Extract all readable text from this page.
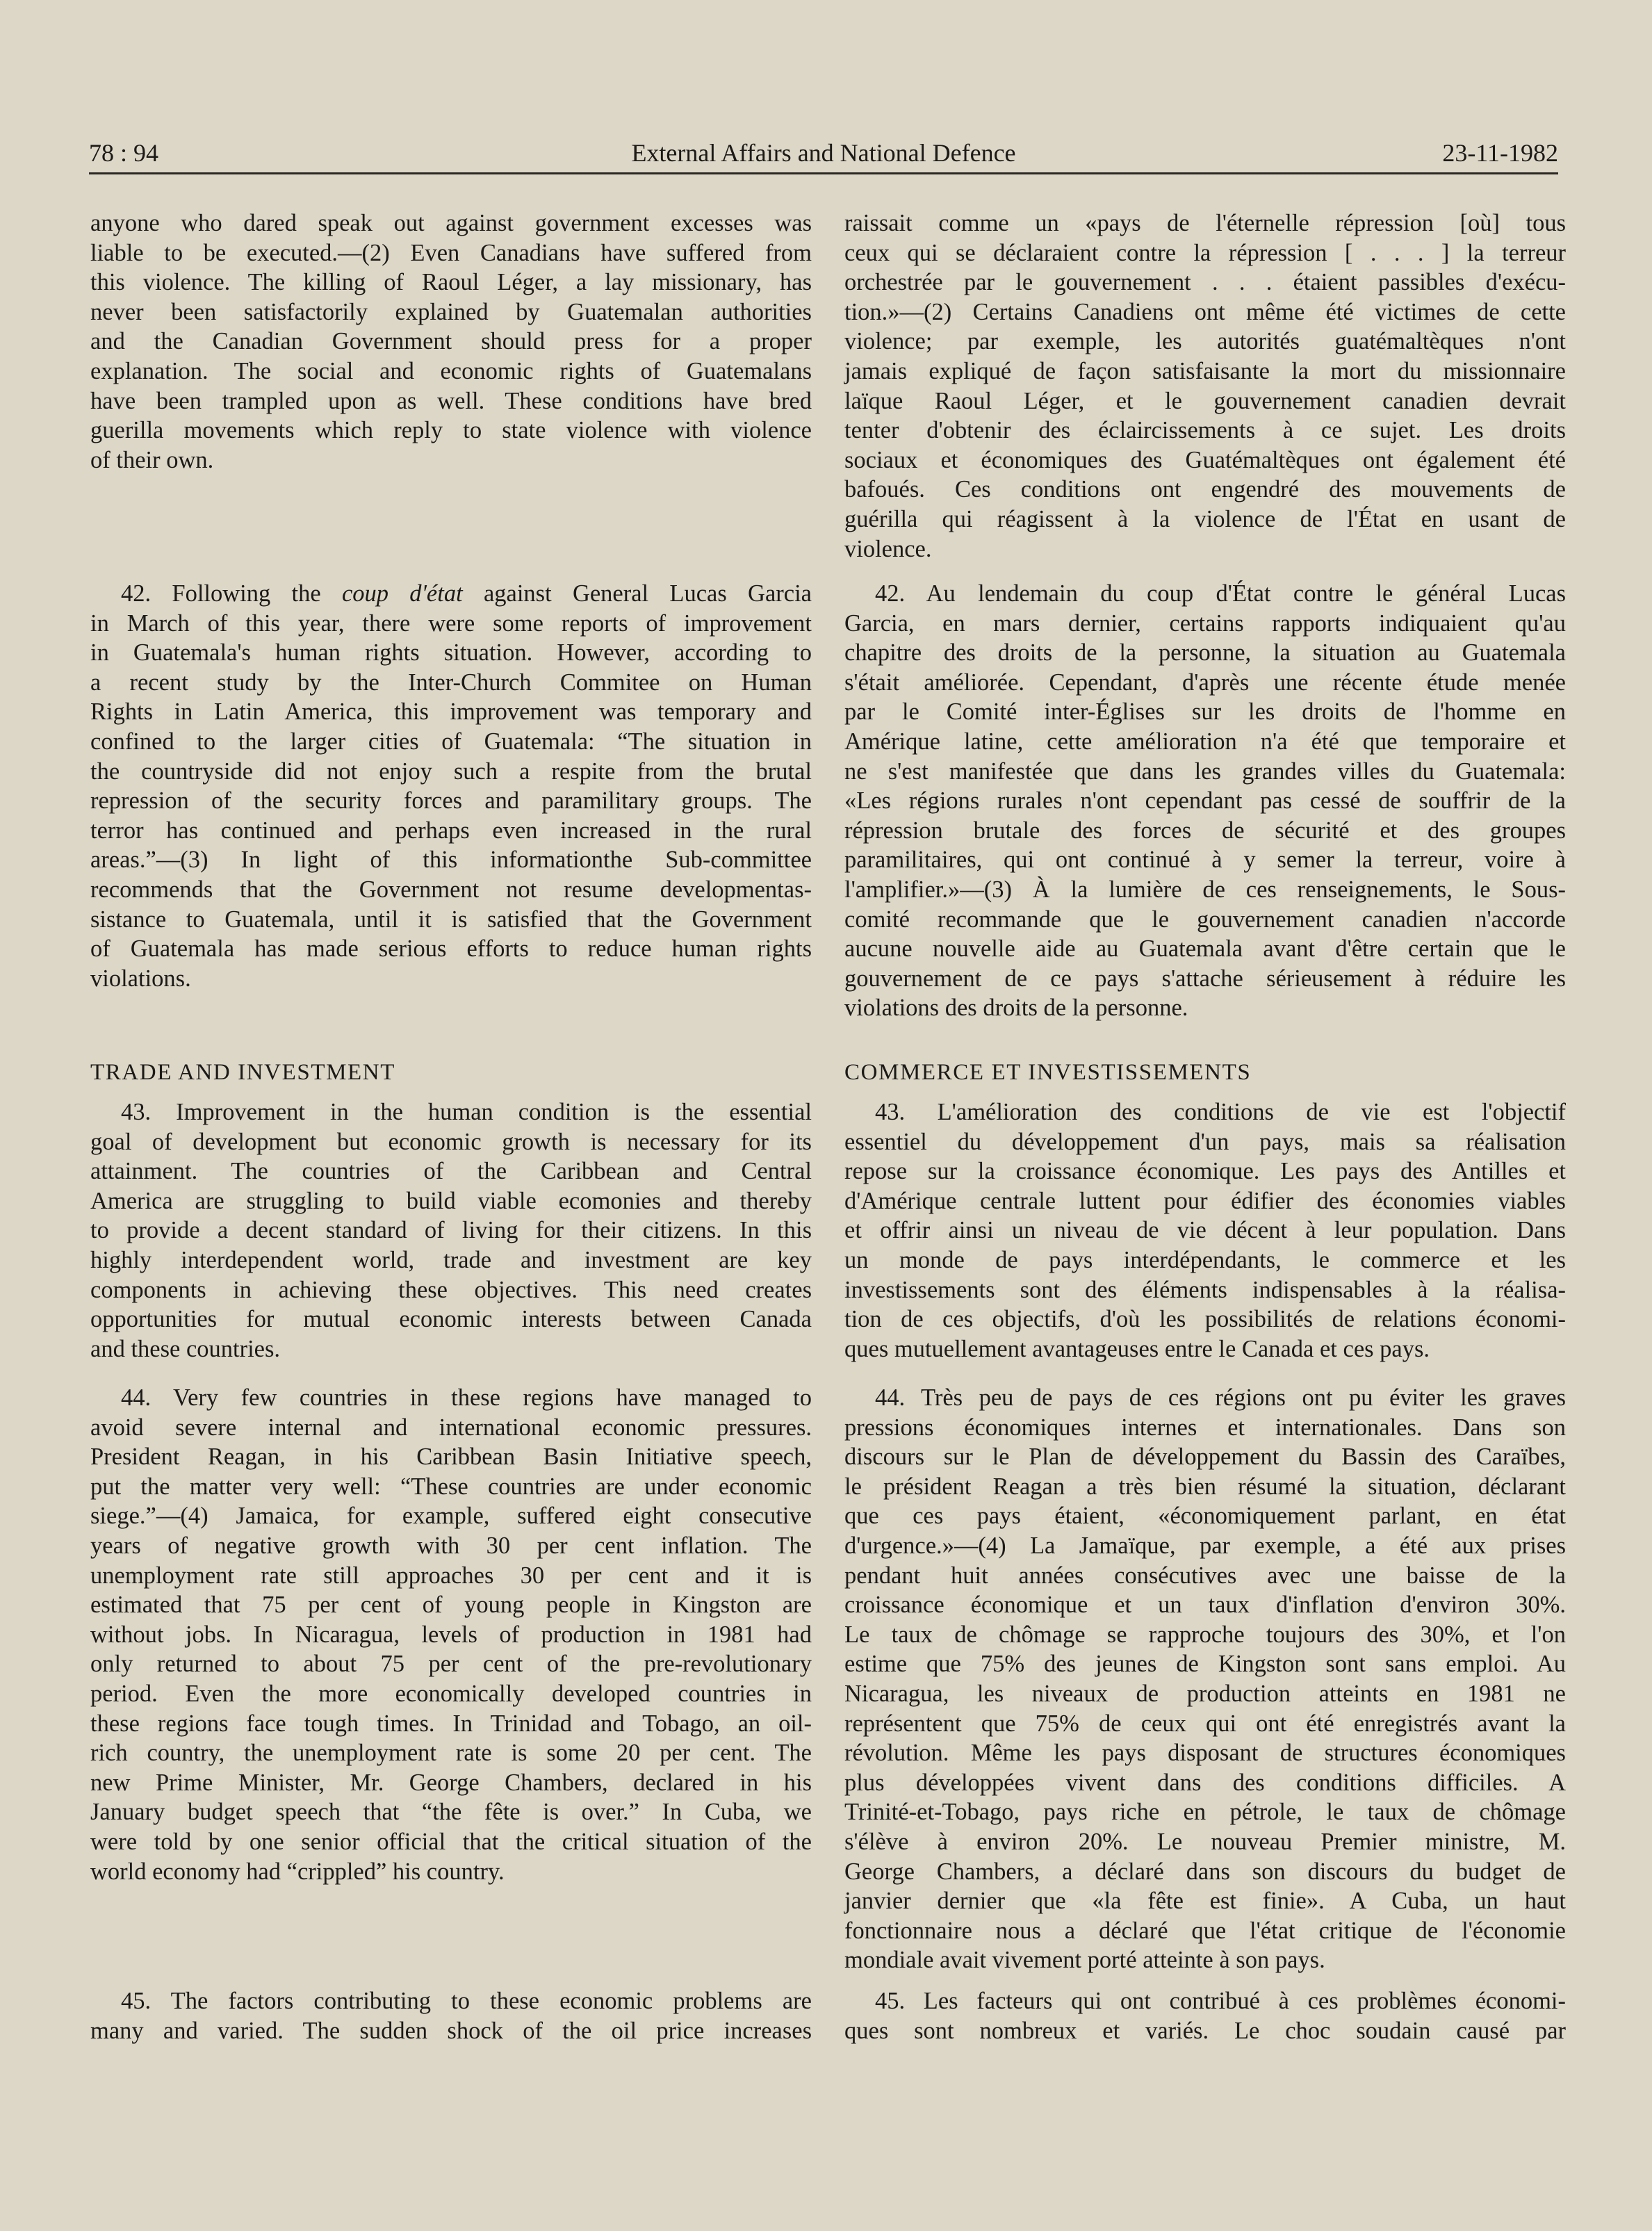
78 : 94	External Affairs and National Defence	23-11-1982
anyone who dared speak out against government excesses was
liable to be executed.—(2) Even Canadians have suffered from
this violence. The killing of Raoul Léger, a lay missionary, has
never been satisfactorily explained by Guatemalan authorities
and the Canadian Government should press for a proper
explanation. The social and economic rights of Guatemalans
have been trampled upon as well. These conditions have bred
guerilla movements which reply to state violence with violence
of their own.
42. Following the coup d'état against General Lucas Garcia
in March of this year, there were some reports of improvement
in Guatemala's human rights situation. However, according to
a recent study by the Inter-Church Commitee on Human
Rights in Latin America, this improvement was temporary and
confined to the larger cities of Guatemala: “The situation in
the countryside did not enjoy such a respite from the brutal
repression of the security forces and paramilitary groups. The
terror has continued and perhaps even increased in the rural
areas.”—(3) In light of this informationthe Sub-committee
recommends that the Government not resume developmentas-
sistance to Guatemala, until it is satisfied that the Government
of Guatemala has made serious efforts to reduce human rights
violations.
TRADE AND INVESTMENT
43. Improvement in the human condition is the essential
goal of development but economic growth is necessary for its
attainment. The countries of the Caribbean and Central
America are struggling to build viable ecomonies and thereby
to provide a decent standard of living for their citizens. In this
highly interdependent world, trade and investment are key
components in achieving these objectives. This need creates
opportunities for mutual economic interests between Canada
and these countries.
44. Very few countries in these regions have managed to
avoid severe internal and international economic pressures.
President Reagan, in his Caribbean Basin Initiative speech,
put the matter very well: “These countries are under economic
siege.”—(4) Jamaica, for example, suffered eight consecutive
years of negative growth with 30 per cent inflation. The
unemployment rate still approaches 30 per cent and it is
estimated that 75 per cent of young people in Kingston are
without jobs. In Nicaragua, levels of production in 1981 had
only returned to about 75 per cent of the pre-revolutionary
period. Even the more economically developed countries in
these regions face tough times. In Trinidad and Tobago, an oil-
rich country, the unemployment rate is some 20 per cent. The
new Prime Minister, Mr. George Chambers, declared in his
January budget speech that “the fête is over.” In Cuba, we
were told by one senior official that the critical situation of the
world economy had “crippled” his country.
45. The factors contributing to these economic problems are
many and varied. The sudden shock of the oil price increases
raissait comme un «pays de l'éternelle répression [où] tous
ceux qui se déclaraient contre la répression [ . . . ] la terreur
orchestrée par le gouvernement . . . étaient passibles d'exécu-
tion.»—(2) Certains Canadiens ont même été victimes de cette
violence; par exemple, les autorités guatémaltèques n'ont
jamais expliqué de façon satisfaisante la mort du missionnaire
laïque Raoul Léger, et le gouvernement canadien devrait
tenter d'obtenir des éclaircissements à ce sujet. Les droits
sociaux et économiques des Guatémaltèques ont également été
bafoués. Ces conditions ont engendré des mouvements de
guérilla qui réagissent à la violence de l'État en usant de
violence.
42. Au lendemain du coup d'État contre le général Lucas
Garcia, en mars dernier, certains rapports indiquaient qu'au
chapitre des droits de la personne, la situation au Guatemala
s'était améliorée. Cependant, d'après une récente étude menée
par le Comité inter-Églises sur les droits de l'homme en
Amérique latine, cette amélioration n'a été que temporaire et
ne s'est manifestée que dans les grandes villes du Guatemala:
«Les régions rurales n'ont cependant pas cessé de souffrir de la
répression brutale des forces de sécurité et des groupes
paramilitaires, qui ont continué à y semer la terreur, voire à
l'amplifier.»—(3) À la lumière de ces renseignements, le Sous-
comité recommande que le gouvernement canadien n'accorde
aucune nouvelle aide au Guatemala avant d'être certain que le
gouvernement de ce pays s'attache sérieusement à réduire les
violations des droits de la personne.
COMMERCE ET INVESTISSEMENTS
43. L'amélioration des conditions de vie est l'objectif
essentiel du développement d'un pays, mais sa réalisation
repose sur la croissance économique. Les pays des Antilles et
d'Amérique centrale luttent pour édifier des économies viables
et offrir ainsi un niveau de vie décent à leur population. Dans
un monde de pays interdépendants, le commerce et les
investissements sont des éléments indispensables à la réalisa-
tion de ces objectifs, d'où les possibilités de relations économi-
ques mutuellement avantageuses entre le Canada et ces pays.
44. Très peu de pays de ces régions ont pu éviter les graves
pressions économiques internes et internationales. Dans son
discours sur le Plan de développement du Bassin des Caraïbes,
le président Reagan a très bien résumé la situation, déclarant
que ces pays étaient, «économiquement parlant, en état
d'urgence.»—(4) La Jamaïque, par exemple, a été aux prises
pendant huit années consécutives avec une baisse de la
croissance économique et un taux d'inflation d'environ 30%.
Le taux de chômage se rapproche toujours des 30%, et l'on
estime que 75% des jeunes de Kingston sont sans emploi. Au
Nicaragua, les niveaux de production atteints en 1981 ne
représentent que 75% de ceux qui ont été enregistrés avant la
révolution. Même les pays disposant de structures économiques
plus développées vivent dans des conditions difficiles. A
Trinité-et-Tobago, pays riche en pétrole, le taux de chômage
s'élève à environ 20%. Le nouveau Premier ministre, M.
George Chambers, a déclaré dans son discours du budget de
janvier dernier que «la fête est finie». A Cuba, un haut
fonctionnaire nous a déclaré que l'état critique de l'économie
mondiale avait vivement porté atteinte à son pays.
45. Les facteurs qui ont contribué à ces problèmes économi-
ques sont nombreux et variés. Le choc soudain causé par
